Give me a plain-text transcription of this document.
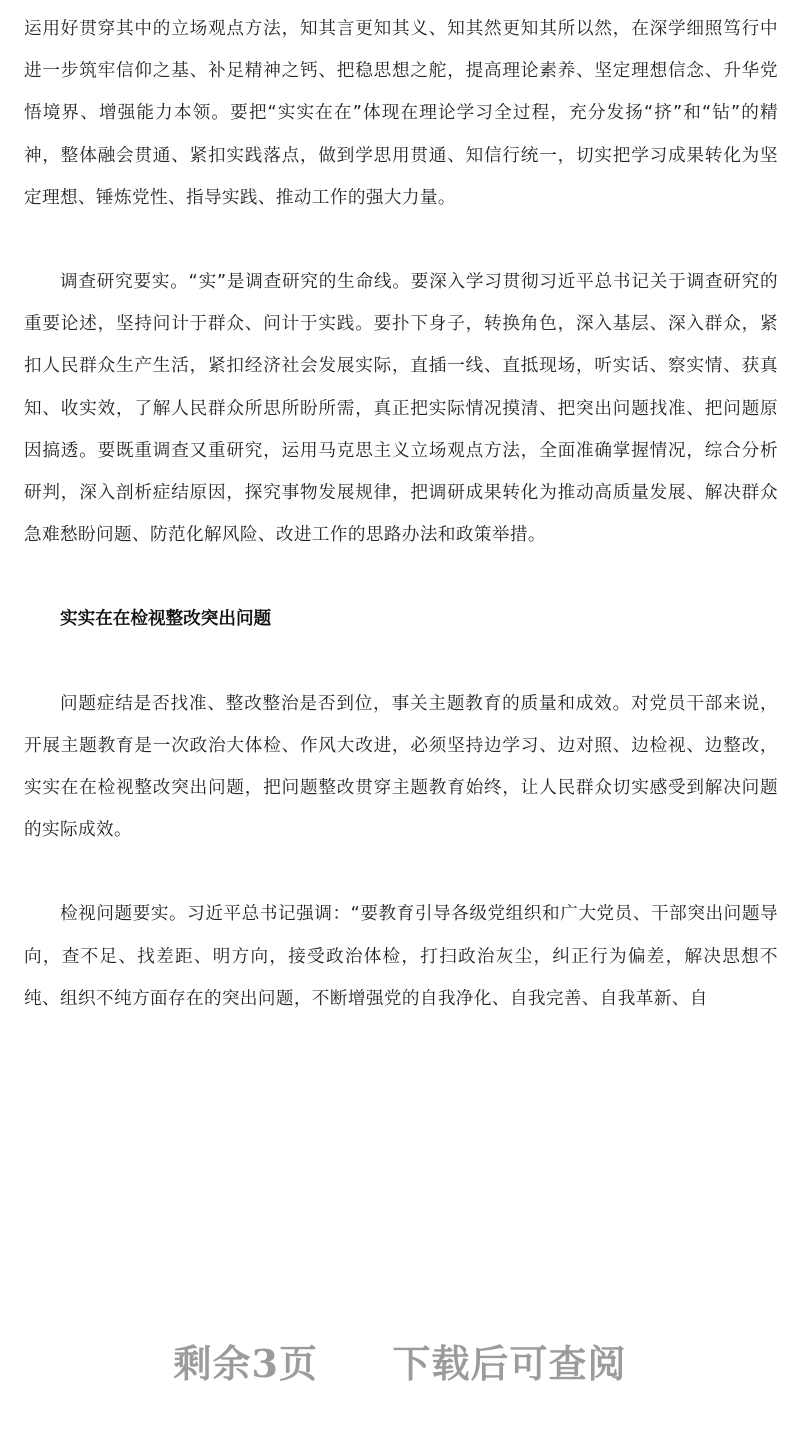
运用好贯穿其中的立场观点方法，知其言更知其义、知其然更知其所以然，在深学细照笃行中进一步筑牢信仰之基、补足精神之钙、把稳思想之舵，提高理论素养、坚定理想信念、升华党悟境界、增强能力本领。要把“实实在在”体现在理论学习全过程，充分发扬“挤”和“钻”的精神，整体融会贯通、紧扣实践落点，做到学思用贯通、知信行统一，切实把学习成果转化为坚定理想、锤炼党性、指导实践、推动工作的强大力量。

调查研究要实。“实”是调查研究的生命线。要深入学习贯彻习近平总书记关于调查研究的重要论述，坚持问计于群众、问计于实践。要扑下身子，转换角色，深入基层、深入群众，紧扣人民群众生产生活，紧扣经济社会发展实际，直插一线、直抵现场，听实话、察实情、获真知、收实效，了解人民群众所思所盼所需，真正把实际情况摸清、把突出问题找准、把问题原因搞透。要既重调查又重研究，运用马克思主义立场观点方法，全面准确掌握情况，综合分析研判，深入剖析症结原因，探究事物发展规律，把调研成果转化为推动高质量发展、解决群众急难愁盼问题、防范化解风险、改进工作的思路办法和政策举措。

实实在在检视整改突出问题

问题症结是否找准、整改整治是否到位，事关主题教育的质量和成效。对党员干部来说，开展主题教育是一次政治大体检、作风大改进，必须坚持边学习、边对照、边检视、边整改，实实在在检视整改突出问题，把问题整改贯穿主题教育始终，让人民群众切实感受到解决问题的实际成效。

检视问题要实。习近平总书记强调：“要教育引导各级党组织和广大党员、干部突出问题导向，查不足、找差距、明方向，接受政治体检，打扫政治灰尘，纠正行为偏差，解决思想不纯、组织不纯方面存在的突出问题，不断增强党的自我净化、自我完善、自我革新、自

剩余3页 下载后可查阅
